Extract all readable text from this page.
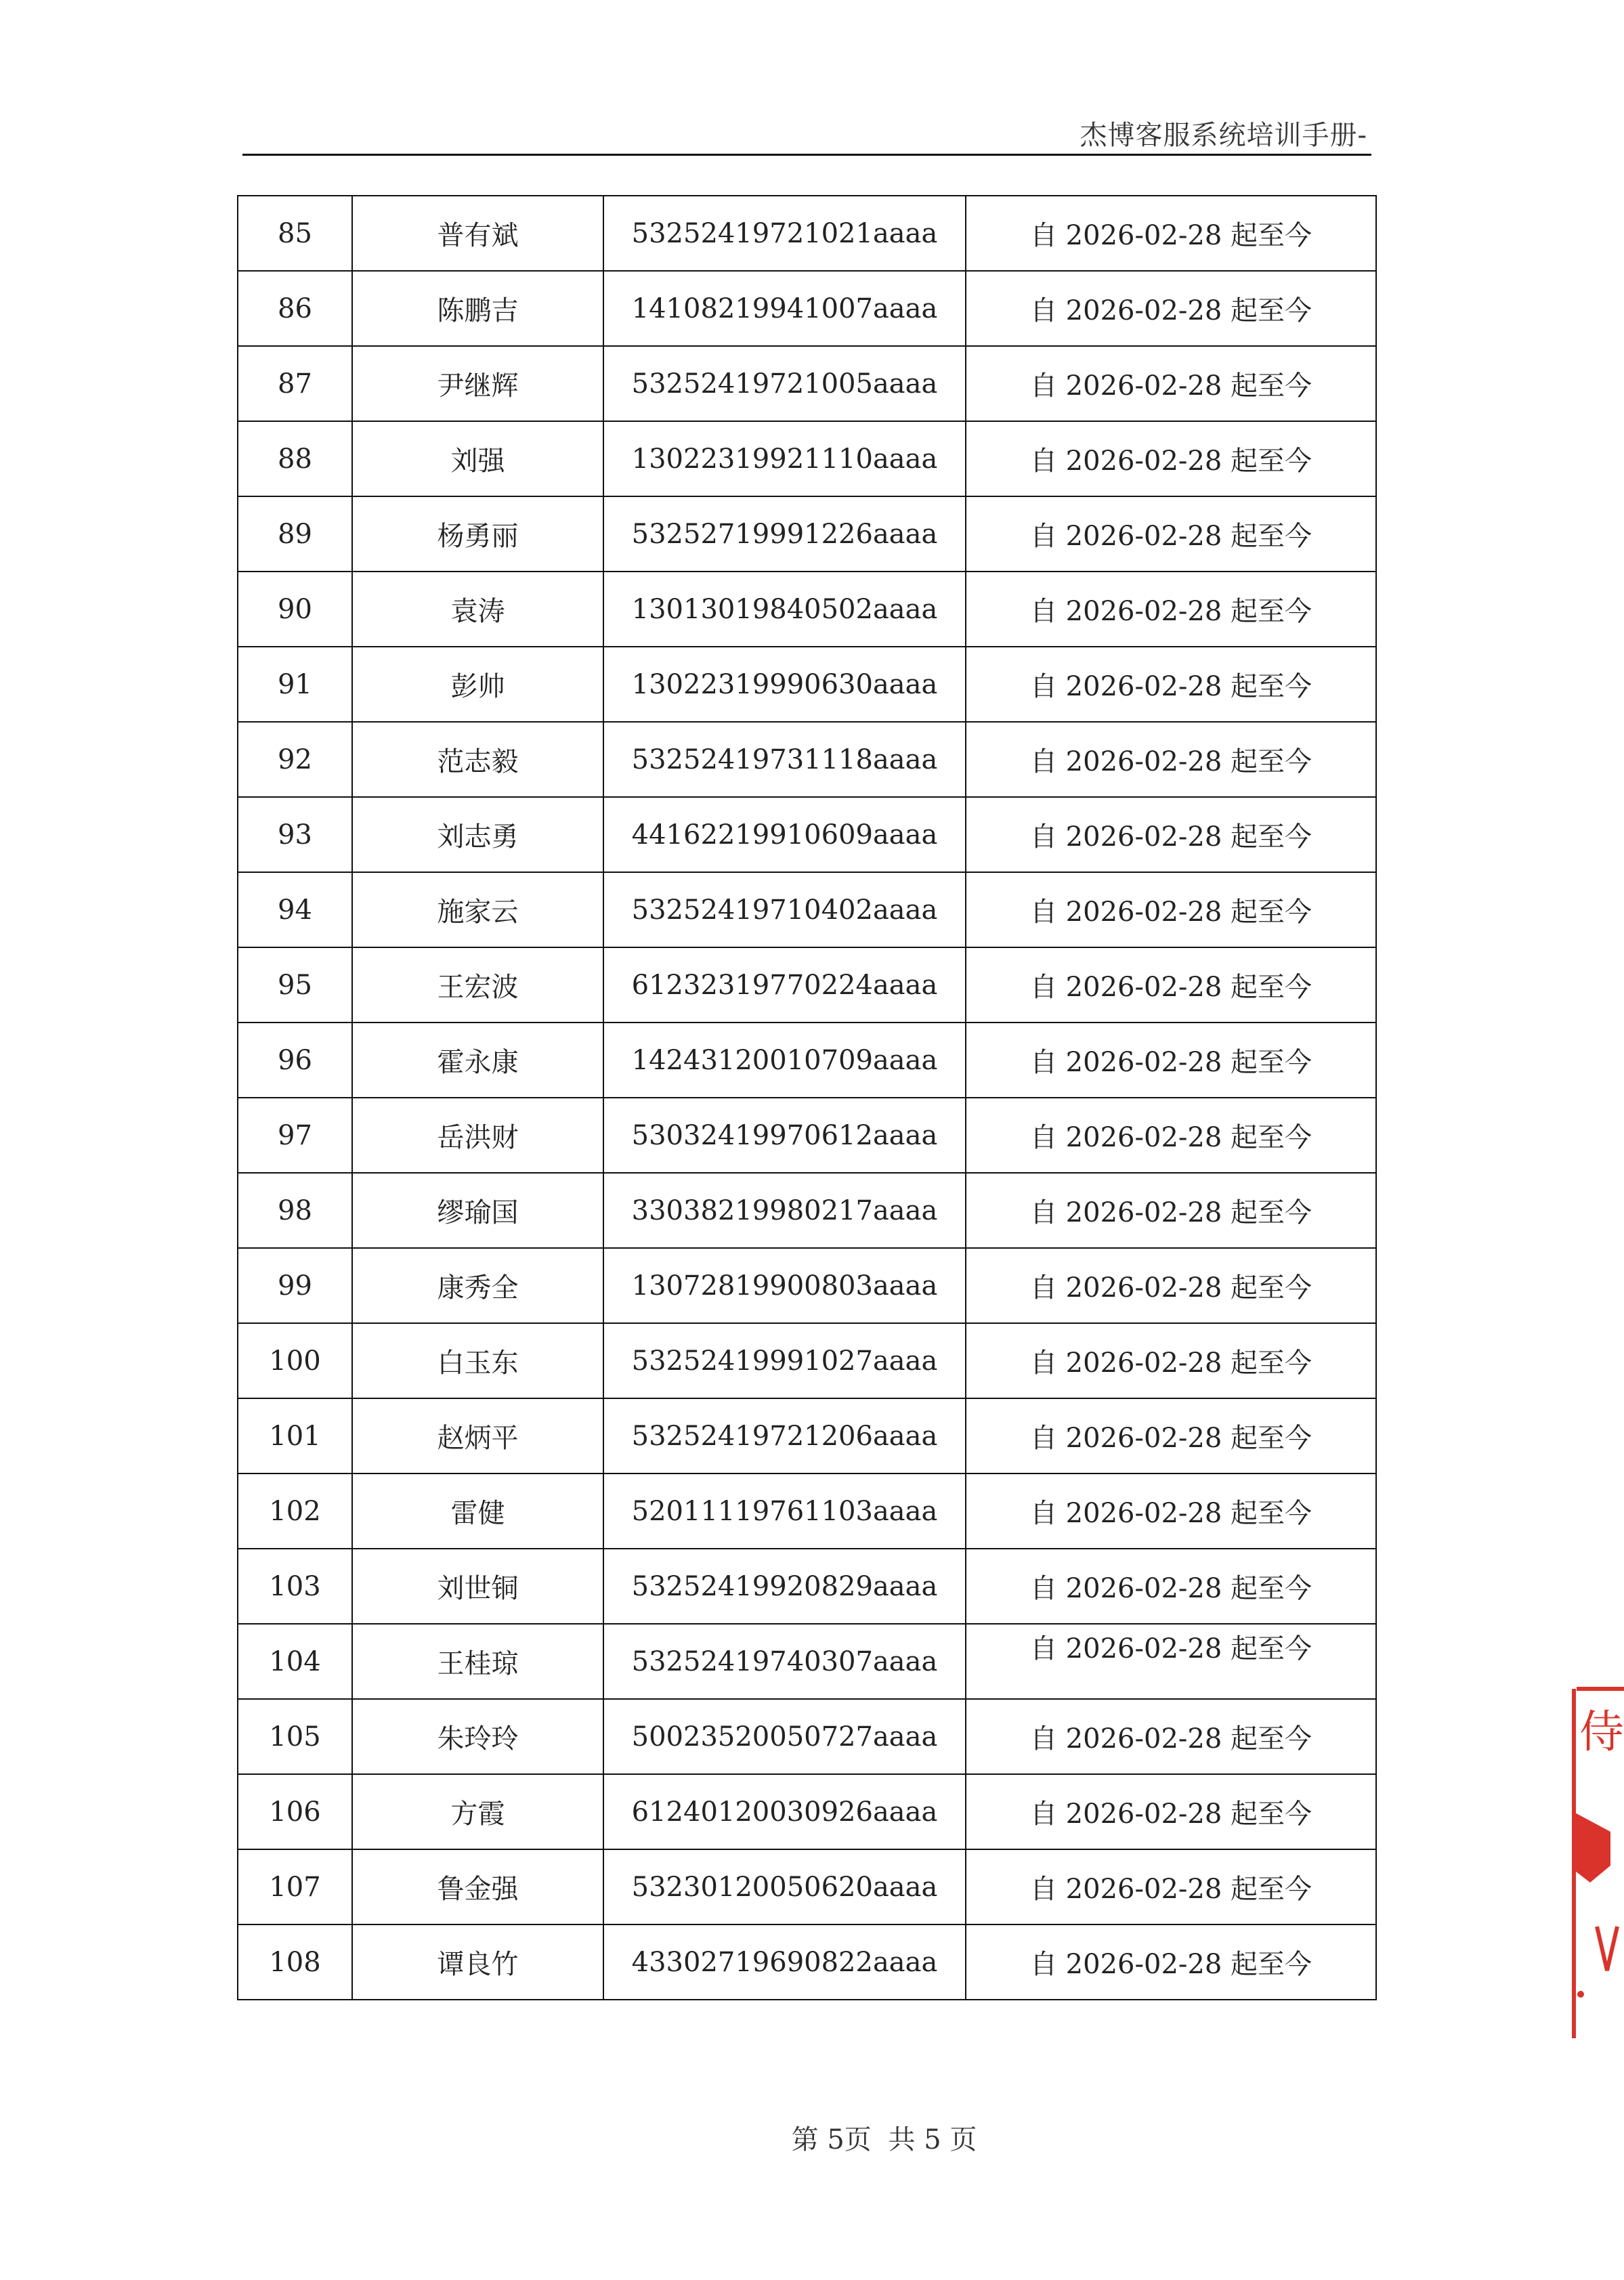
杰博客服系统培训手册-
85	普有斌	53252419721021aaaa	自 2026-02-28 起至今
86	陈鹏吉	14108219941007aaaa	自 2026-02-28 起至今
87	尹继辉	53252419721005aaaa	自 2026-02-28 起至今
88	刘强	13022319921110aaaa	自 2026-02-28 起至今
89	杨勇丽	53252719991226aaaa	自 2026-02-28 起至今
90	袁涛	13013019840502aaaa	自 2026-02-28 起至今
91	彭帅	13022319990630aaaa	自 2026-02-28 起至今
92	范志毅	53252419731118aaaa	自 2026-02-28 起至今
93	刘志勇	44162219910609aaaa	自 2026-02-28 起至今
94	施家云	53252419710402aaaa	自 2026-02-28 起至今
95	王宏波	61232319770224aaaa	自 2026-02-28 起至今
96	霍永康	14243120010709aaaa	自 2026-02-28 起至今
97	岳洪财	53032419970612aaaa	自 2026-02-28 起至今
98	缪瑜国	33038219980217aaaa	自 2026-02-28 起至今
99	康秀全	13072819900803aaaa	自 2026-02-28 起至今
100	白玉东	53252419991027aaaa	自 2026-02-28 起至今
101	赵炳平	53252419721206aaaa	自 2026-02-28 起至今
102	雷健	52011119761103aaaa	自 2026-02-28 起至今
103	刘世铜	53252419920829aaaa	自 2026-02-28 起至今
104	王桂琼	53252419740307aaaa	自 2026-02-28 起至今
105	朱玲玲	50023520050727aaaa	自 2026-02-28 起至今
106	方霞	61240120030926aaaa	自 2026-02-28 起至今
107	鲁金强	53230120050620aaaa	自 2026-02-28 起至今
108	谭良竹	43302719690822aaaa	自 2026-02-28 起至今
第 5页 共 5 页
侍
